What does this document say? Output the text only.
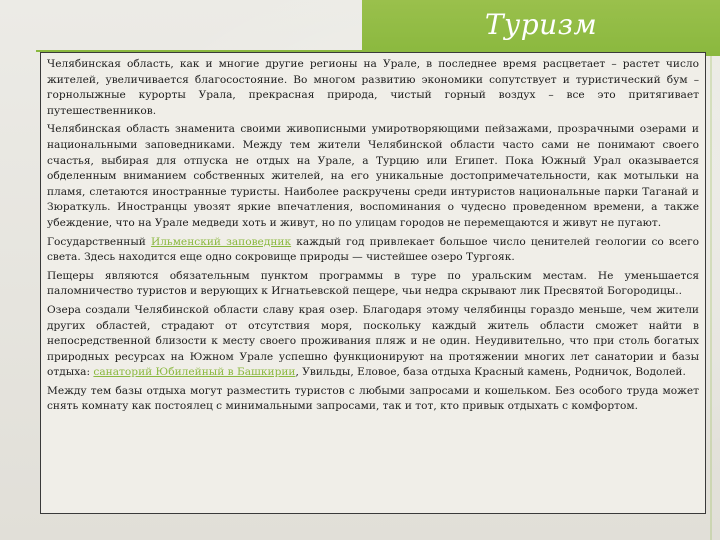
Туризм

Челябинская область, как и многие другие регионы на Урале, в последнее время расцветает – растет число жителей, увеличивается благосостояние. Во многом развитию экономики сопутствует и туристический бум – горнолыжные курорты Урала, прекрасная природа, чистый горный воздух – все это притягивает путешественников.

Челябинская область знаменита своими живописными умиротворяющими пейзажами, прозрачными озерами и национальными заповедниками. Между тем жители Челябинской области часто сами не понимают своего счастья, выбирая для отпуска не отдых на Урале, а Турцию или Египет. Пока Южный Урал оказывается обделенным вниманием собственных жителей, на его уникальные достопримечательности, как мотыльки на пламя, слетаются иностранные туристы. Наиболее раскручены среди интуристов национальные парки Таганай и Зюраткуль. Иностранцы увозят яркие впечатления, воспоминания о чудесно проведенном времени, а также убеждение, что на Урале медведи хоть и живут, но по улицам городов не перемещаются и живут не пугают.

Государственный Ильменский заповедник каждый год привлекает большое число ценителей геологии со всего света. Здесь находится еще одно сокровище природы — чистейшее озеро Тургояк.

Пещеры являются обязательным пунктом программы в туре по уральским местам. Не уменьшается паломничество туристов и верующих к Игнатьевской пещере, чьи недра скрывают лик Пресвятой Богородицы..

Озера создали Челябинской области славу края озер. Благодаря этому челябинцы гораздо меньше, чем жители других областей, страдают от отсутствия моря, поскольку каждый житель области сможет найти в непосредственной близости к месту своего проживания пляж и не один. Неудивительно, что при столь богатых природных ресурсах на Южном Урале успешно функционируют на протяжении многих лет санатории и базы отдыха: санаторий Юбилейный в Башкирии, Увильды, Еловое, база отдыха Красный камень, Родничок, Водолей.

Между тем базы отдыха могут разместить туристов с любыми запросами и кошельком. Без особого труда может снять комнату как постоялец с минимальными запросами, так и тот, кто привык отдыхать с комфортом.
